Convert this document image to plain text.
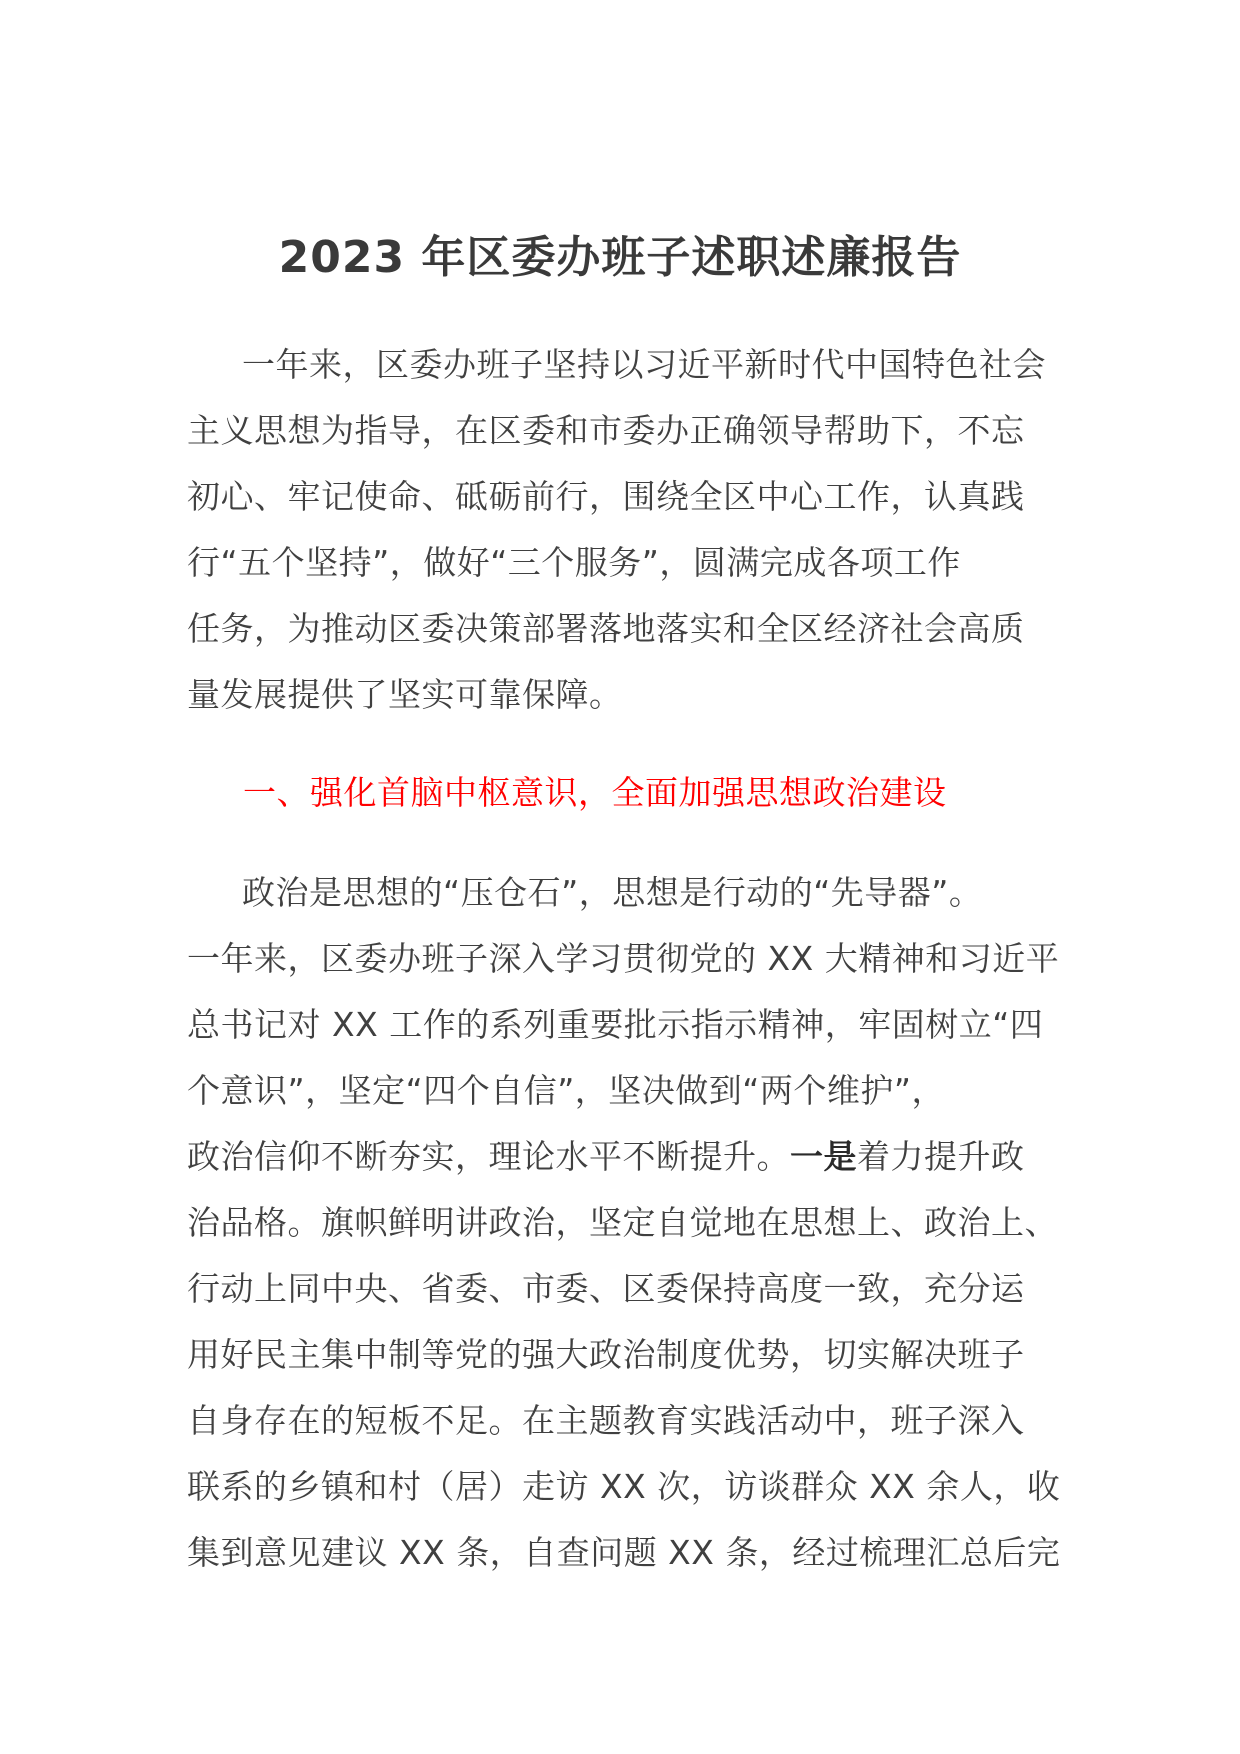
2023 年区委办班子述职述廉报告
一年来，区委办班子坚持以习近平新时代中国特色社会
主义思想为指导，在区委和市委办正确领导帮助下，不忘
初心、牢记使命、砥砺前行，围绕全区中心工作，认真践
行“五个坚持”，做好“三个服务”，圆满完成各项工作
任务，为推动区委决策部署落地落实和全区经济社会高质
量发展提供了坚实可靠保障。
一、强化首脑中枢意识，全面加强思想政治建设
政治是思想的“压仓石”，思想是行动的“先导器”。
一年来，区委办班子深入学习贯彻党的 XX 大精神和习近平
总书记对 XX 工作的系列重要批示指示精神，牢固树立“四
个意识”，坚定“四个自信”，坚决做到“两个维护”，
政治信仰不断夯实，理论水平不断提升。一是着力提升政
治品格。旗帜鲜明讲政治，坚定自觉地在思想上、政治上、
行动上同中央、省委、市委、区委保持高度一致，充分运
用好民主集中制等党的强大政治制度优势，切实解决班子
自身存在的短板不足。在主题教育实践活动中，班子深入
联系的乡镇和村（居）走访 XX 次，访谈群众 XX 余人，收
集到意见建议 XX 条，自查问题 XX 条，经过梳理汇总后完
